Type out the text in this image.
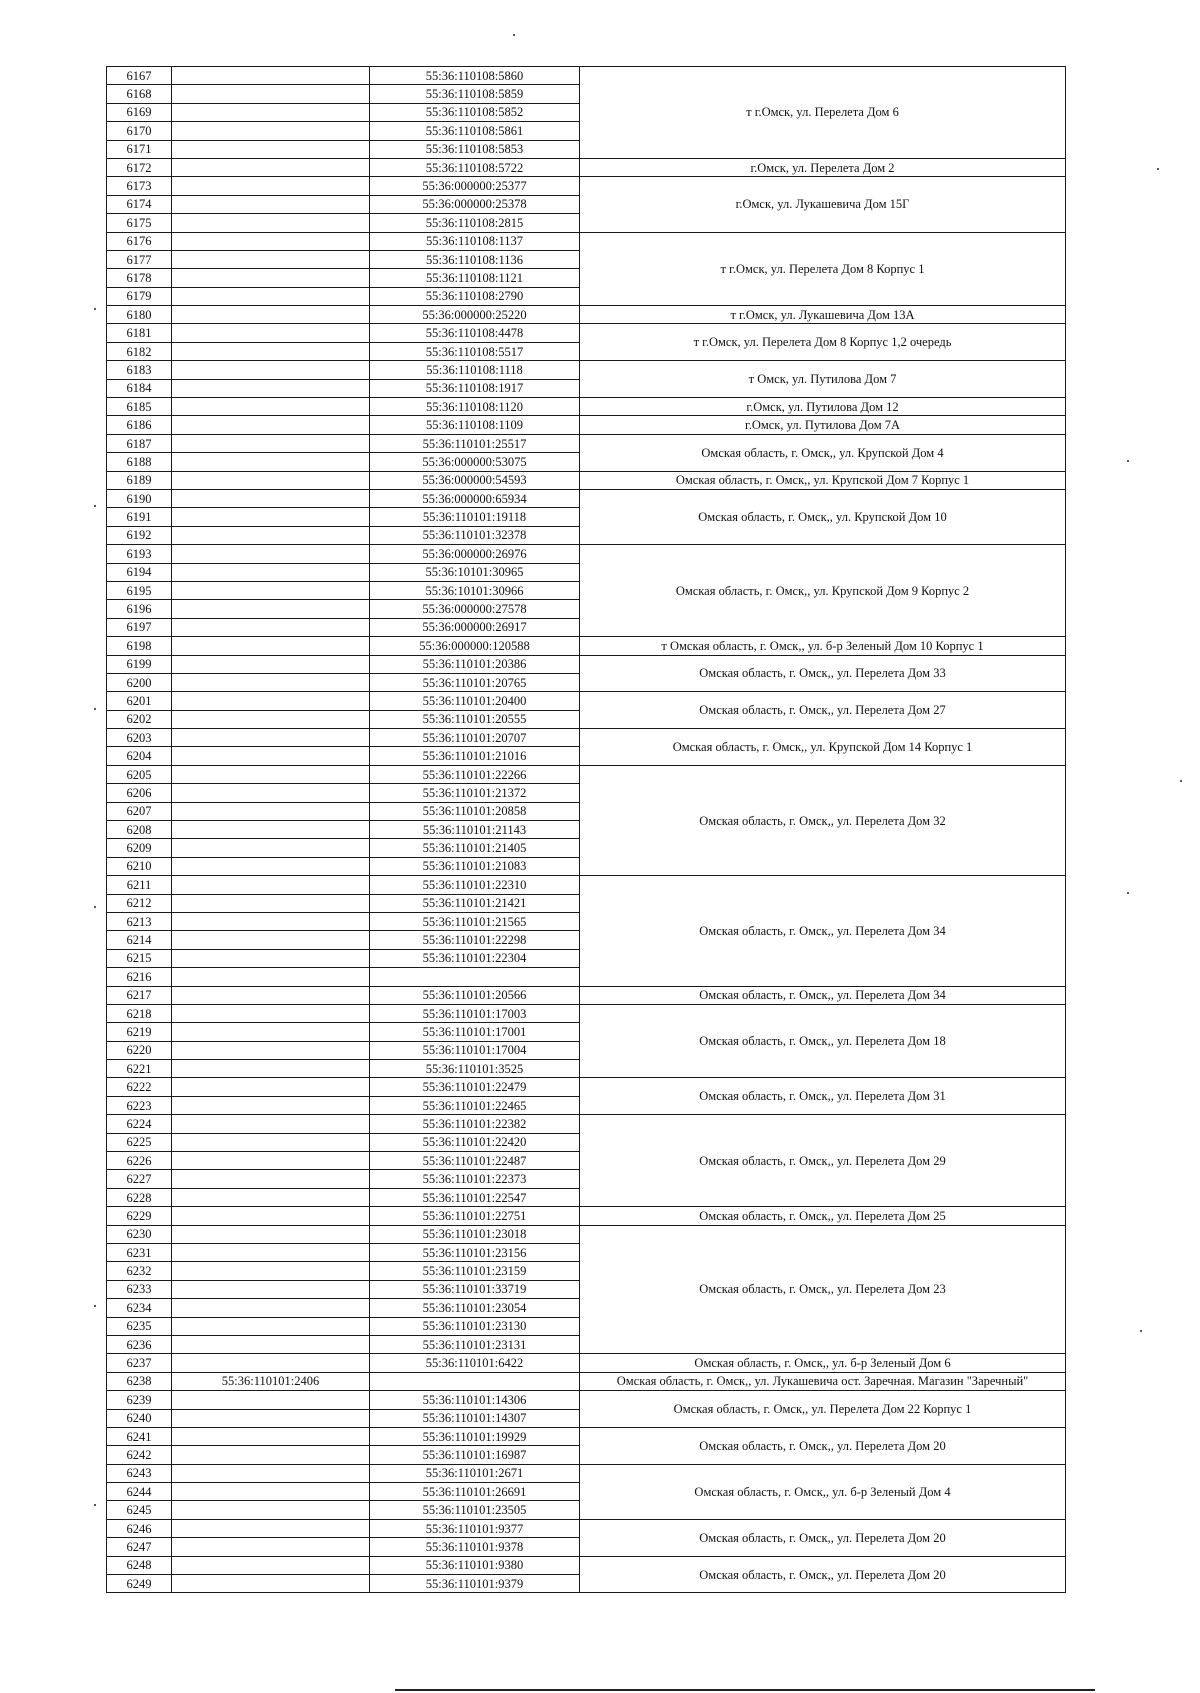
6167		55:36:110108:5860	т г.Омск, ул. Перелета Дом 6
6168		55:36:110108:5859	
6169		55:36:110108:5852	
6170		55:36:110108:5861	
6171		55:36:110108:5853	
6172		55:36:110108:5722	г.Омск, ул. Перелета Дом 2
6173		55:36:000000:25377	г.Омск, ул. Лукашевича Дом 15Г
6174		55:36:000000:25378	
6175		55:36:110108:2815	
6176		55:36:110108:1137	т г.Омск, ул. Перелета Дом 8 Корпус 1
6177		55:36:110108:1136	
6178		55:36:110108:1121	
6179		55:36:110108:2790	
6180		55:36:000000:25220	т г.Омск, ул. Лукашевича Дом 13А
6181		55:36:110108:4478	т г.Омск, ул. Перелета Дом 8 Корпус 1,2 очередь
6182		55:36:110108:5517	
6183		55:36:110108:1118	т Омск, ул. Путилова Дом 7
6184		55:36:110108:1917	
6185		55:36:110108:1120	г.Омск, ул. Путилова Дом 12
6186		55:36:110108:1109	г.Омск, ул. Путилова Дом 7А
6187		55:36:110101:25517	Омская область, г. Омск,, ул. Крупской Дом 4
6188		55:36:000000:53075	
6189		55:36:000000:54593	Омская область, г. Омск,, ул. Крупской Дом 7 Корпус 1
6190		55:36:000000:65934	Омская область, г. Омск,, ул. Крупской Дом 10
6191		55:36:110101:19118	
6192		55:36:110101:32378	
6193		55:36:000000:26976	Омская область, г. Омск,, ул. Крупской Дом 9 Корпус 2
6194		55:36:10101:30965	
6195		55:36:10101:30966	
6196		55:36:000000:27578	
6197		55:36:000000:26917	
6198		55:36:000000:120588	т Омская область, г. Омск,, ул. б-р Зеленый Дом 10 Корпус 1
6199		55:36:110101:20386	Омская область, г. Омск,, ул. Перелета Дом 33
6200		55:36:110101:20765	
6201		55:36:110101:20400	Омская область, г. Омск,, ул. Перелета Дом 27
6202		55:36:110101:20555	
6203		55:36:110101:20707	Омская область, г. Омск,, ул. Крупской Дом 14 Корпус 1
6204		55:36:110101:21016	
6205		55:36:110101:22266	Омская область, г. Омск,, ул. Перелета Дом 32
6206		55:36:110101:21372	
6207		55:36:110101:20858	
6208		55:36:110101:21143	
6209		55:36:110101:21405	
6210		55:36:110101:21083	
6211		55:36:110101:22310	Омская область, г. Омск,, ул. Перелета Дом 34
6212		55:36:110101:21421	
6213		55:36:110101:21565	
6214		55:36:110101:22298	
6215		55:36:110101:22304	
6216			
6217		55:36:110101:20566	Омская область, г. Омск,, ул. Перелета Дом 34
6218		55:36:110101:17003	Омская область, г. Омск,, ул. Перелета Дом 18
6219		55:36:110101:17001	
6220		55:36:110101:17004	
6221		55:36:110101:3525	
6222		55:36:110101:22479	Омская область, г. Омск,, ул. Перелета Дом 31
6223		55:36:110101:22465	
6224		55:36:110101:22382	Омская область, г. Омск,, ул. Перелета Дом 29
6225		55:36:110101:22420	
6226		55:36:110101:22487	
6227		55:36:110101:22373	
6228		55:36:110101:22547	
6229		55:36:110101:22751	Омская область, г. Омск,, ул. Перелета Дом 25
6230		55:36:110101:23018	Омская область, г. Омск,, ул. Перелета Дом 23
6231		55:36:110101:23156	
6232		55:36:110101:23159	
6233		55:36:110101:33719	
6234		55:36:110101:23054	
6235		55:36:110101:23130	
6236		55:36:110101:23131	
6237		55:36:110101:6422	Омская область, г. Омск,, ул. б-р Зеленый Дом 6
6238	55:36:110101:2406		Омская область, г. Омск,, ул. Лукашевича ост. Заречная. Магазин "Заречный"
6239		55:36:110101:14306	Омская область, г. Омск,, ул. Перелета Дом 22 Корпус 1
6240		55:36:110101:14307	
6241		55:36:110101:19929	Омская область, г. Омск,, ул. Перелета Дом 20
6242		55:36:110101:16987	
6243		55:36:110101:2671	Омская область, г. Омск,, ул. б-р Зеленый Дом 4
6244		55:36:110101:26691	
6245		55:36:110101:23505	
6246		55:36:110101:9377	Омская область, г. Омск,, ул. Перелета Дом 20
6247		55:36:110101:9378	
6248		55:36:110101:9380	Омская область, г. Омск,, ул. Перелета Дом 20
6249		55:36:110101:9379	
